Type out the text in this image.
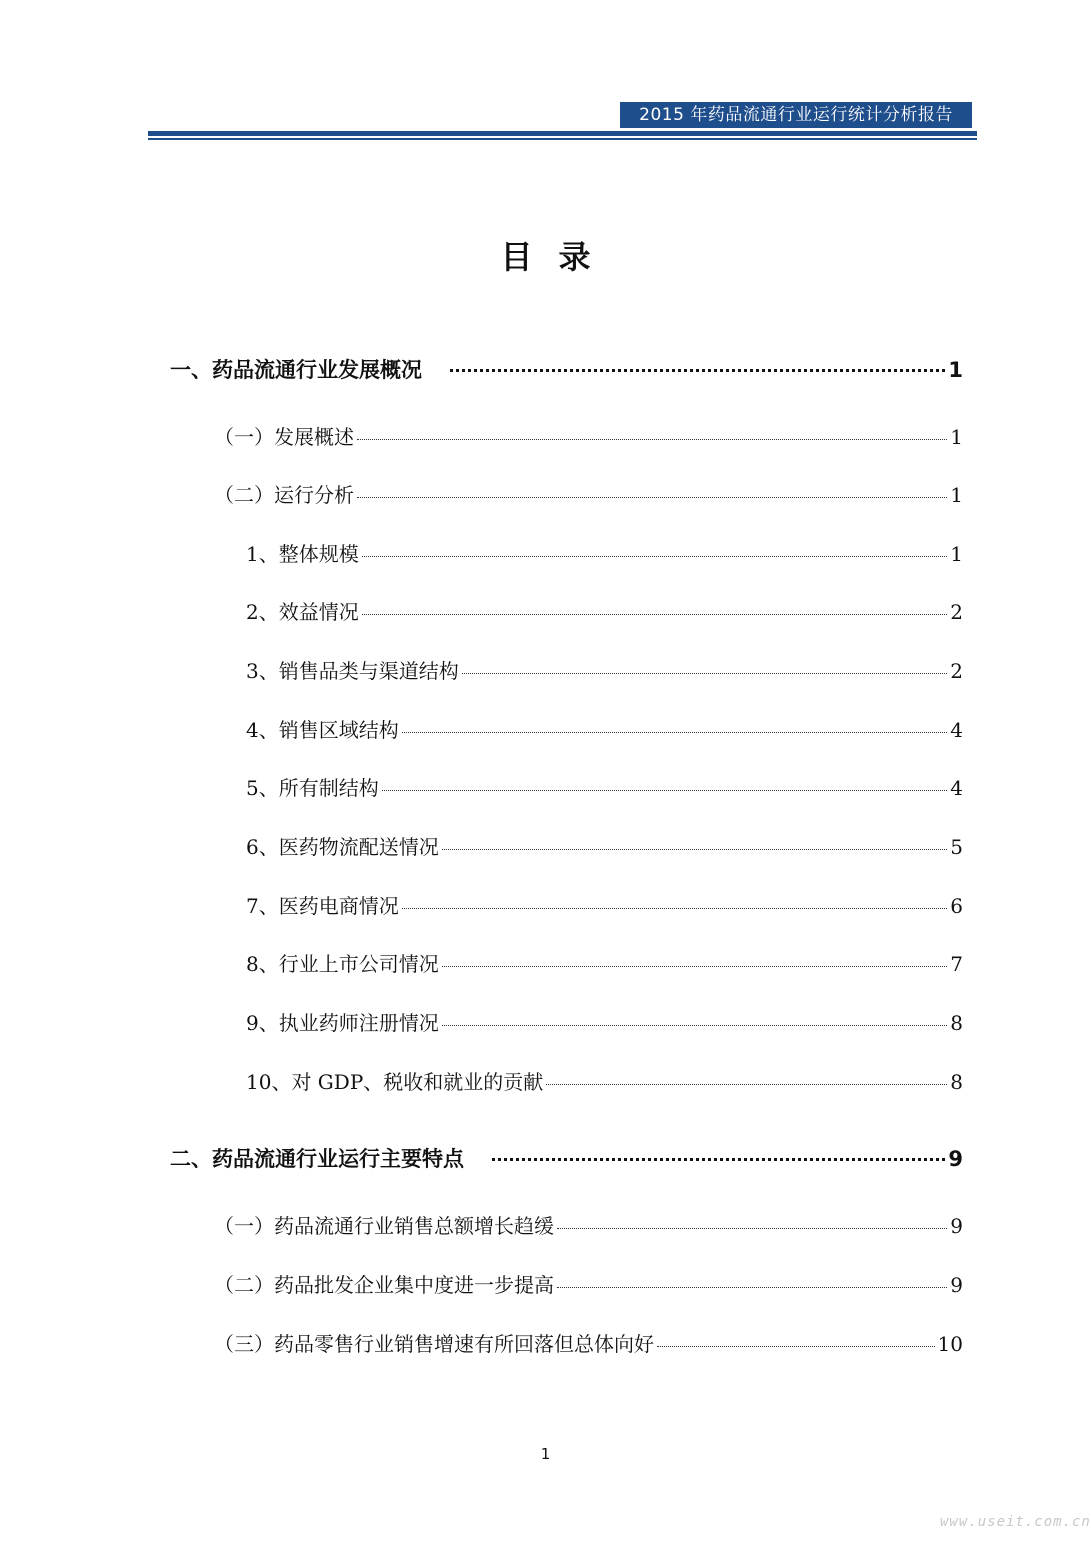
2015 年药品流通行业运行统计分析报告
目录
一、药品流通行业发展概况	1
（一）发展概述	1
（二）运行分析	1
1、整体规模	1
2、效益情况	2
3、销售品类与渠道结构	2
4、销售区域结构	4
5、所有制结构	4
6、医药物流配送情况	5
7、医药电商情况	6
8、行业上市公司情况	7
9、执业药师注册情况	8
10、对 GDP、税收和就业的贡献	8
二、药品流通行业运行主要特点	9
（一）药品流通行业销售总额增长趋缓	9
（二）药品批发企业集中度进一步提高	9
（三）药品零售行业销售增速有所回落但总体向好	10
1
www.useit.com.cn
